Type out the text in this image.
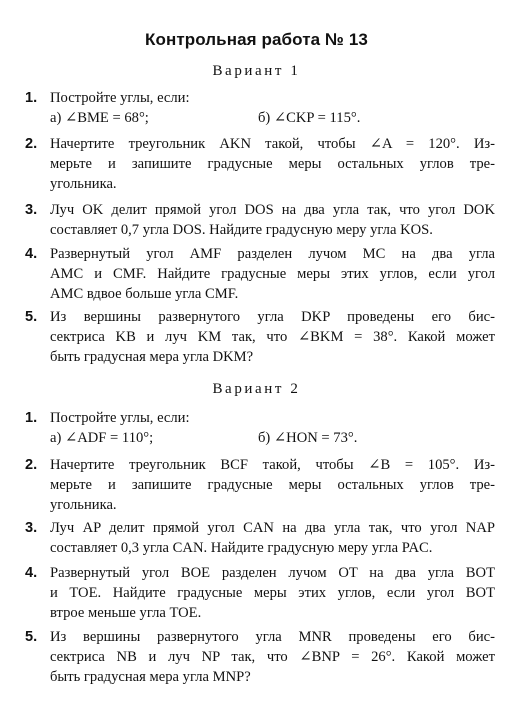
Контрольная работа № 13
Вариант 1
1. Постройте углы, если:
а) ∠BME = 68°;	б) ∠CKP = 115°.
2. Начертите треугольник AKN такой, чтобы ∠A = 120°. Из-
мерьте и запишите градусные меры остальных углов тре-
угольника.
3. Луч OK делит прямой угол DOS на два угла так, что угол DOK
составляет 0,7 угла DOS. Найдите градусную меру угла KOS.
4. Развернутый угол AMF разделен лучом MC на два угла
AMC и CMF. Найдите градусные меры этих углов, если угол
AMC вдвое больше угла CMF.
5. Из вершины развернутого угла DKP проведены его бис-
сектриса KB и луч KM так, что ∠BKM = 38°. Какой может
быть градусная мера угла DKM?
Вариант 2
1. Постройте углы, если:
а) ∠ADF = 110°;	б) ∠HON = 73°.
2. Начертите треугольник BCF такой, чтобы ∠B = 105°. Из-
мерьте и запишите градусные меры остальных углов тре-
угольника.
3. Луч AP делит прямой угол CAN на два угла так, что угол NAP
составляет 0,3 угла CAN. Найдите градусную меру угла PAC.
4. Развернутый угол BOE разделен лучом OT на два угла BOT
и TOE. Найдите градусные меры этих углов, если угол BOT
втрое меньше угла TOE.
5. Из вершины развернутого угла MNR проведены его бис-
сектриса NB и луч NP так, что ∠BNP = 26°. Какой может
быть градусная мера угла MNP?
